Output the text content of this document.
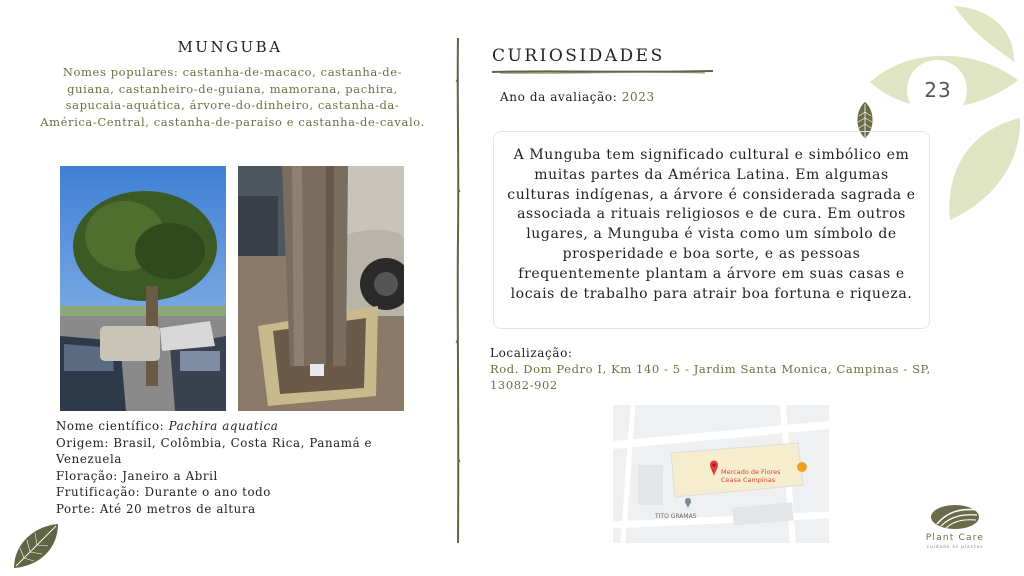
23
MUNGUBA
Nomes populares: castanha-de-macaco, castanha-de-guiana, castanheiro-de-guiana, mamorana, pachira, sapucaia-aquática, árvore-do-dinheiro, castanha-da-América-Central, castanha-de-paraíso e castanha-de-cavalo.
Nome científico: Pachira aquatica
Origem: Brasil, Colômbia, Costa Rica, Panamá e Venezuela
Floração: Janeiro a Abril
Frutificação: Durante o ano todo
Porte: Até 20 metros de altura
CURIOSIDADES
Ano da avaliação: 2023
A Munguba tem significado cultural e simbólico em muitas partes da América Latina. Em algumas culturas indígenas, a árvore é considerada sagrada e associada a rituais religiosos e de cura. Em outros lugares, a Munguba é vista como um símbolo de prosperidade e boa sorte, e as pessoas frequentemente plantam a árvore em suas casas e locais de trabalho para atrair boa fortuna e riqueza.
Localização:
Rod. Dom Pedro I, Km 140 - 5 - Jardim Santa Monica, Campinas - SP, 13082-902
Mercado de Flores
Ceasa Campinas
TITO GRAMAS
Plant Care
cuidado às plantas
